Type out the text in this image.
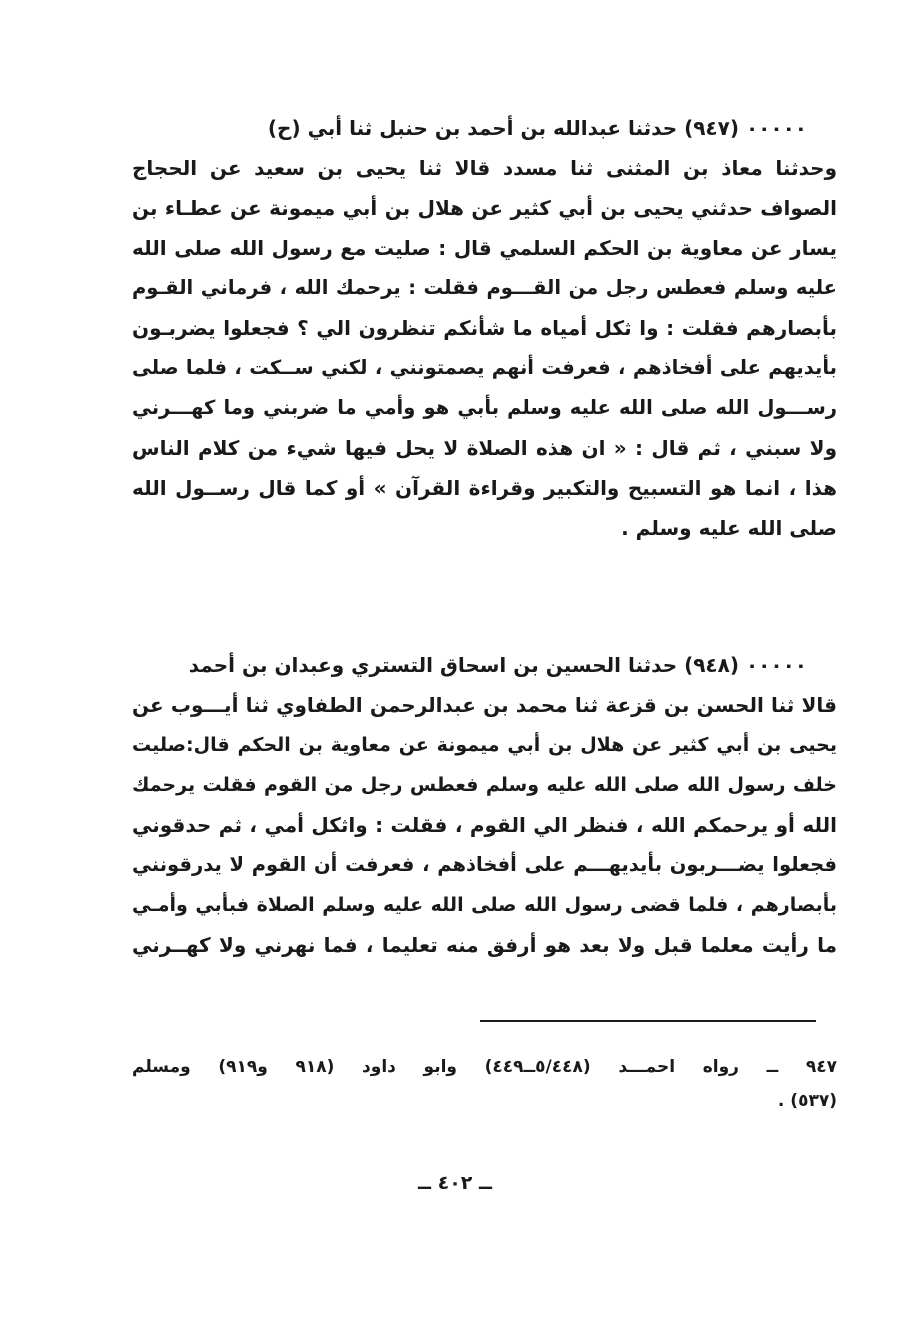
٠٠٠٠٠ (٩٤٧) حدثنا عبدالله بن أحمد بن حنبل ثنا أبي (ح)
وحدثنا معاذ بن المثنى ثنا مسدد قالا ثنا يحيى بن سعيد عن الحجاج
الصواف حدثني يحيى بن أبي كثير عن هلال بن أبي ميمونة عن عطـاء بن
يسار عن معاوية بن الحكم السلمي قال : صليت مع رسول الله صلى الله
عليه وسلم فعطس رجل من القـــوم فقلت : يرحمك الله ، فرماني القـوم
بأبصارهم فقلت : وا ثكل أمياه ما شأنكم تنظرون الي ؟ فجعلوا يضربـون
بأيديهم على أفخاذهم ، فعرفت أنهم يصمتونني ، لكني ســكت ، فلما صلى
رســـول الله صلى الله عليه وسلم بأبي هو وأمي ما ضربني وما كهـــرني
ولا سبني ، ثم قال : « ان هذه الصلاة لا يحل فيها شيء من كلام الناس
هذا ، انما هو التسبيح والتكبير وقراءة القرآن » أو كما قال رســول الله
صلى الله عليه وسلم .
٠٠٠٠٠ (٩٤٨) حدثنا الحسين بن اسحاق التستري وعبدان بن أحمد
قالا ثنا الحسن بن قزعة ثنا محمد بن عبدالرحمن الطفاوي ثنا أيـــوب عن
يحيى بن أبي كثير عن هلال بن أبي ميمونة عن معاوية بن الحكم قال:صليت
خلف رسول الله صلى الله عليه وسلم فعطس رجل من القوم فقلت يرحمك
الله أو يرحمكم الله ، فنظر الي القوم ، فقلت : واثكل أمي ، ثم حدقوني
فجعلوا يضـــربون بأيديهـــم على أفخاذهم ، فعرفت أن القوم لا يدرقونني
بأبصارهم ، فلما قضى رسول الله صلى الله عليه وسلم الصلاة فبأبي وأمـي
ما رأيت معلما قبل ولا بعد هو أرفق منه تعليما ، فما نهرني ولا كهــرني
٩٤٧ ــ رواه احمـــد (٥/٤٤٨ــ٤٤٩) وابو داود (٩١٨ و٩١٩) ومسلم
(٥٣٧) .
ــ ٤٠٢ ــ
